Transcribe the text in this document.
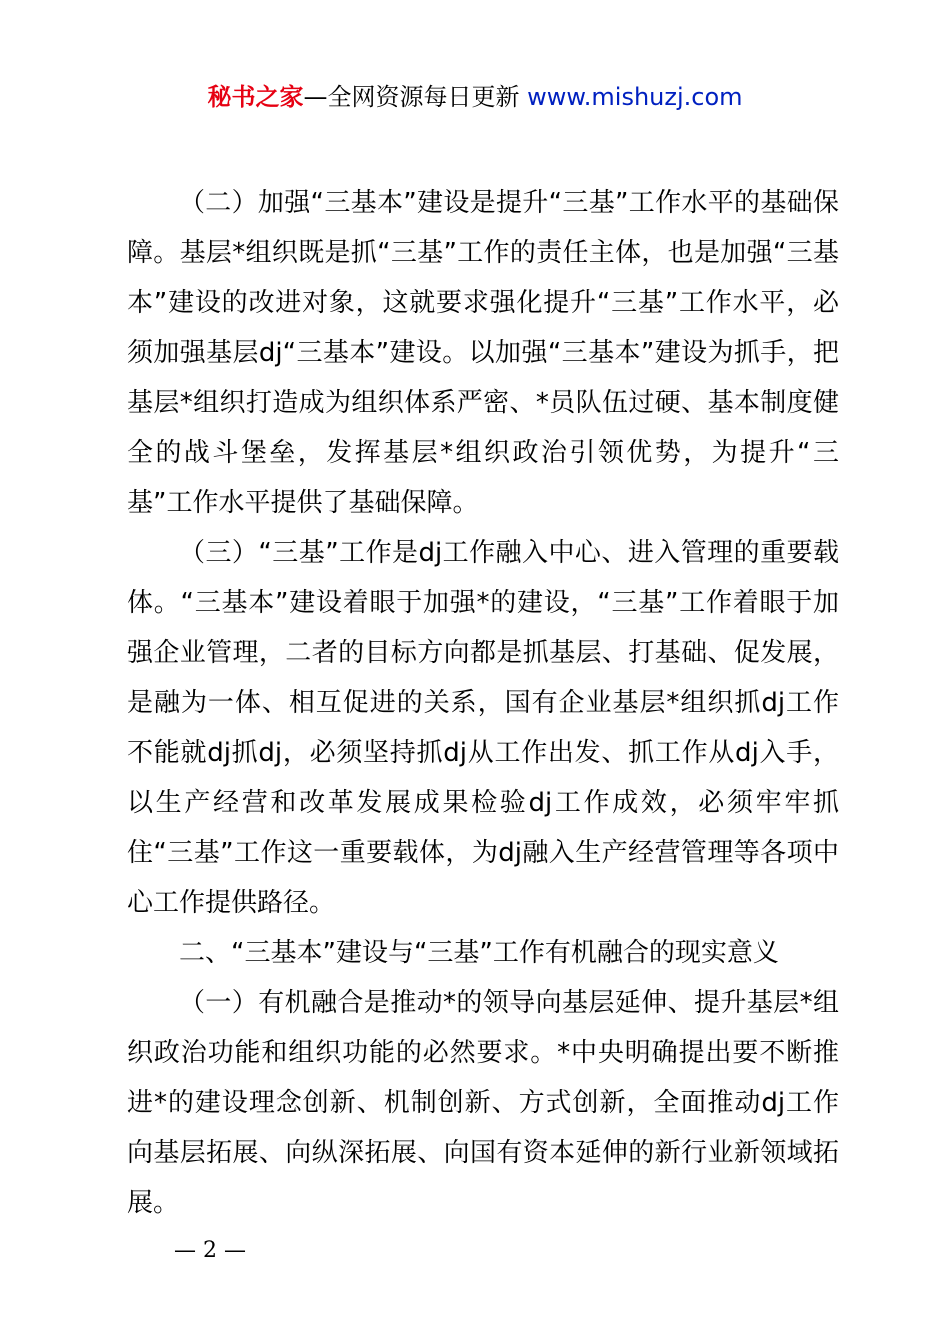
秘书之家—全网资源每日更新 www.mishuzj.com

（二）加强“三基本”建设是提升“三基”工作水平的基础保障。基层*组织既是抓“三基”工作的责任主体，也是加强“三基本”建设的改进对象，这就要求强化提升“三基”工作水平，必须加强基层dj“三基本”建设。以加强“三基本”建设为抓手，把基层*组织打造成为组织体系严密、*员队伍过硬、基本制度健全的战斗堡垒，发挥基层*组织政治引领优势，为提升“三基”工作水平提供了基础保障。

（三）“三基”工作是dj工作融入中心、进入管理的重要载体。“三基本”建设着眼于加强*的建设，“三基”工作着眼于加强企业管理，二者的目标方向都是抓基层、打基础、促发展，是融为一体、相互促进的关系，国有企业基层*组织抓dj工作不能就dj抓dj，必须坚持抓dj从工作出发、抓工作从dj入手，以生产经营和改革发展成果检验dj工作成效，必须牢牢抓住“三基”工作这一重要载体，为dj融入生产经营管理等各项中心工作提供路径。

二、“三基本”建设与“三基”工作有机融合的现实意义

（一）有机融合是推动*的领导向基层延伸、提升基层*组织政治功能和组织功能的必然要求。*中央明确提出要不断推进*的建设理念创新、机制创新、方式创新，全面推动dj工作向基层拓展、向纵深拓展、向国有资本延伸的新行业新领域拓展。

— 2 —
